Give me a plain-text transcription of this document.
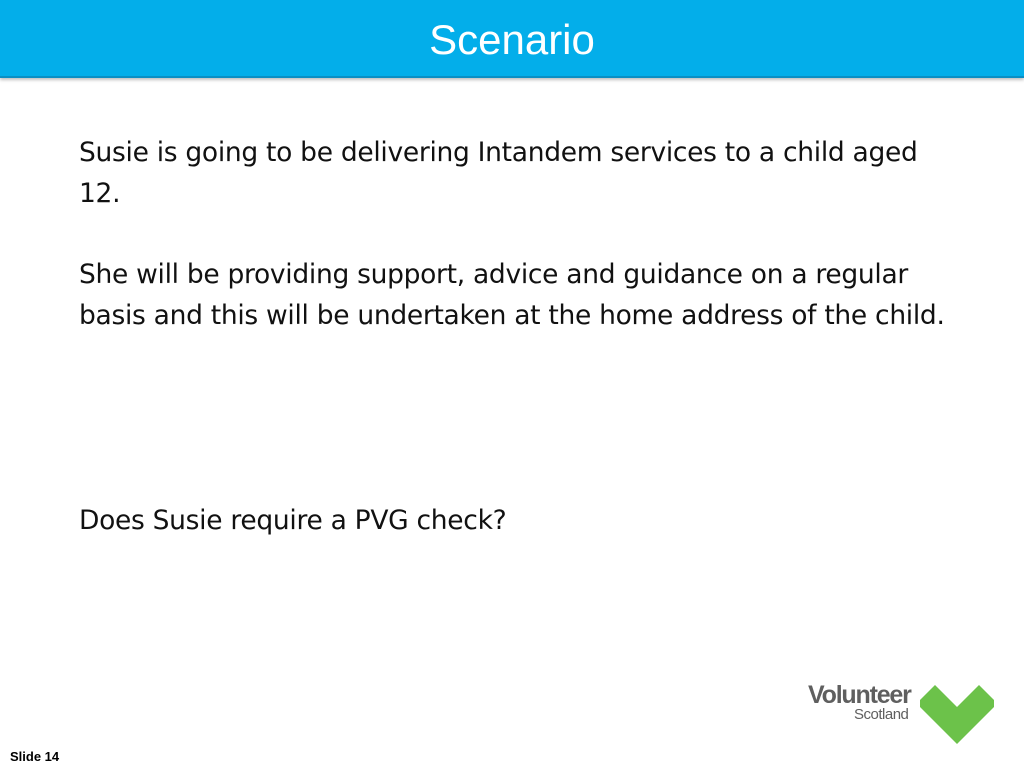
Scenario
Susie is going to be delivering Intandem services to a child aged 12.
She will be providing support, advice and guidance on a regular basis and this will be undertaken at the home address of the child.
Does Susie require a PVG check?
Volunteer
Scotland
Slide 14
